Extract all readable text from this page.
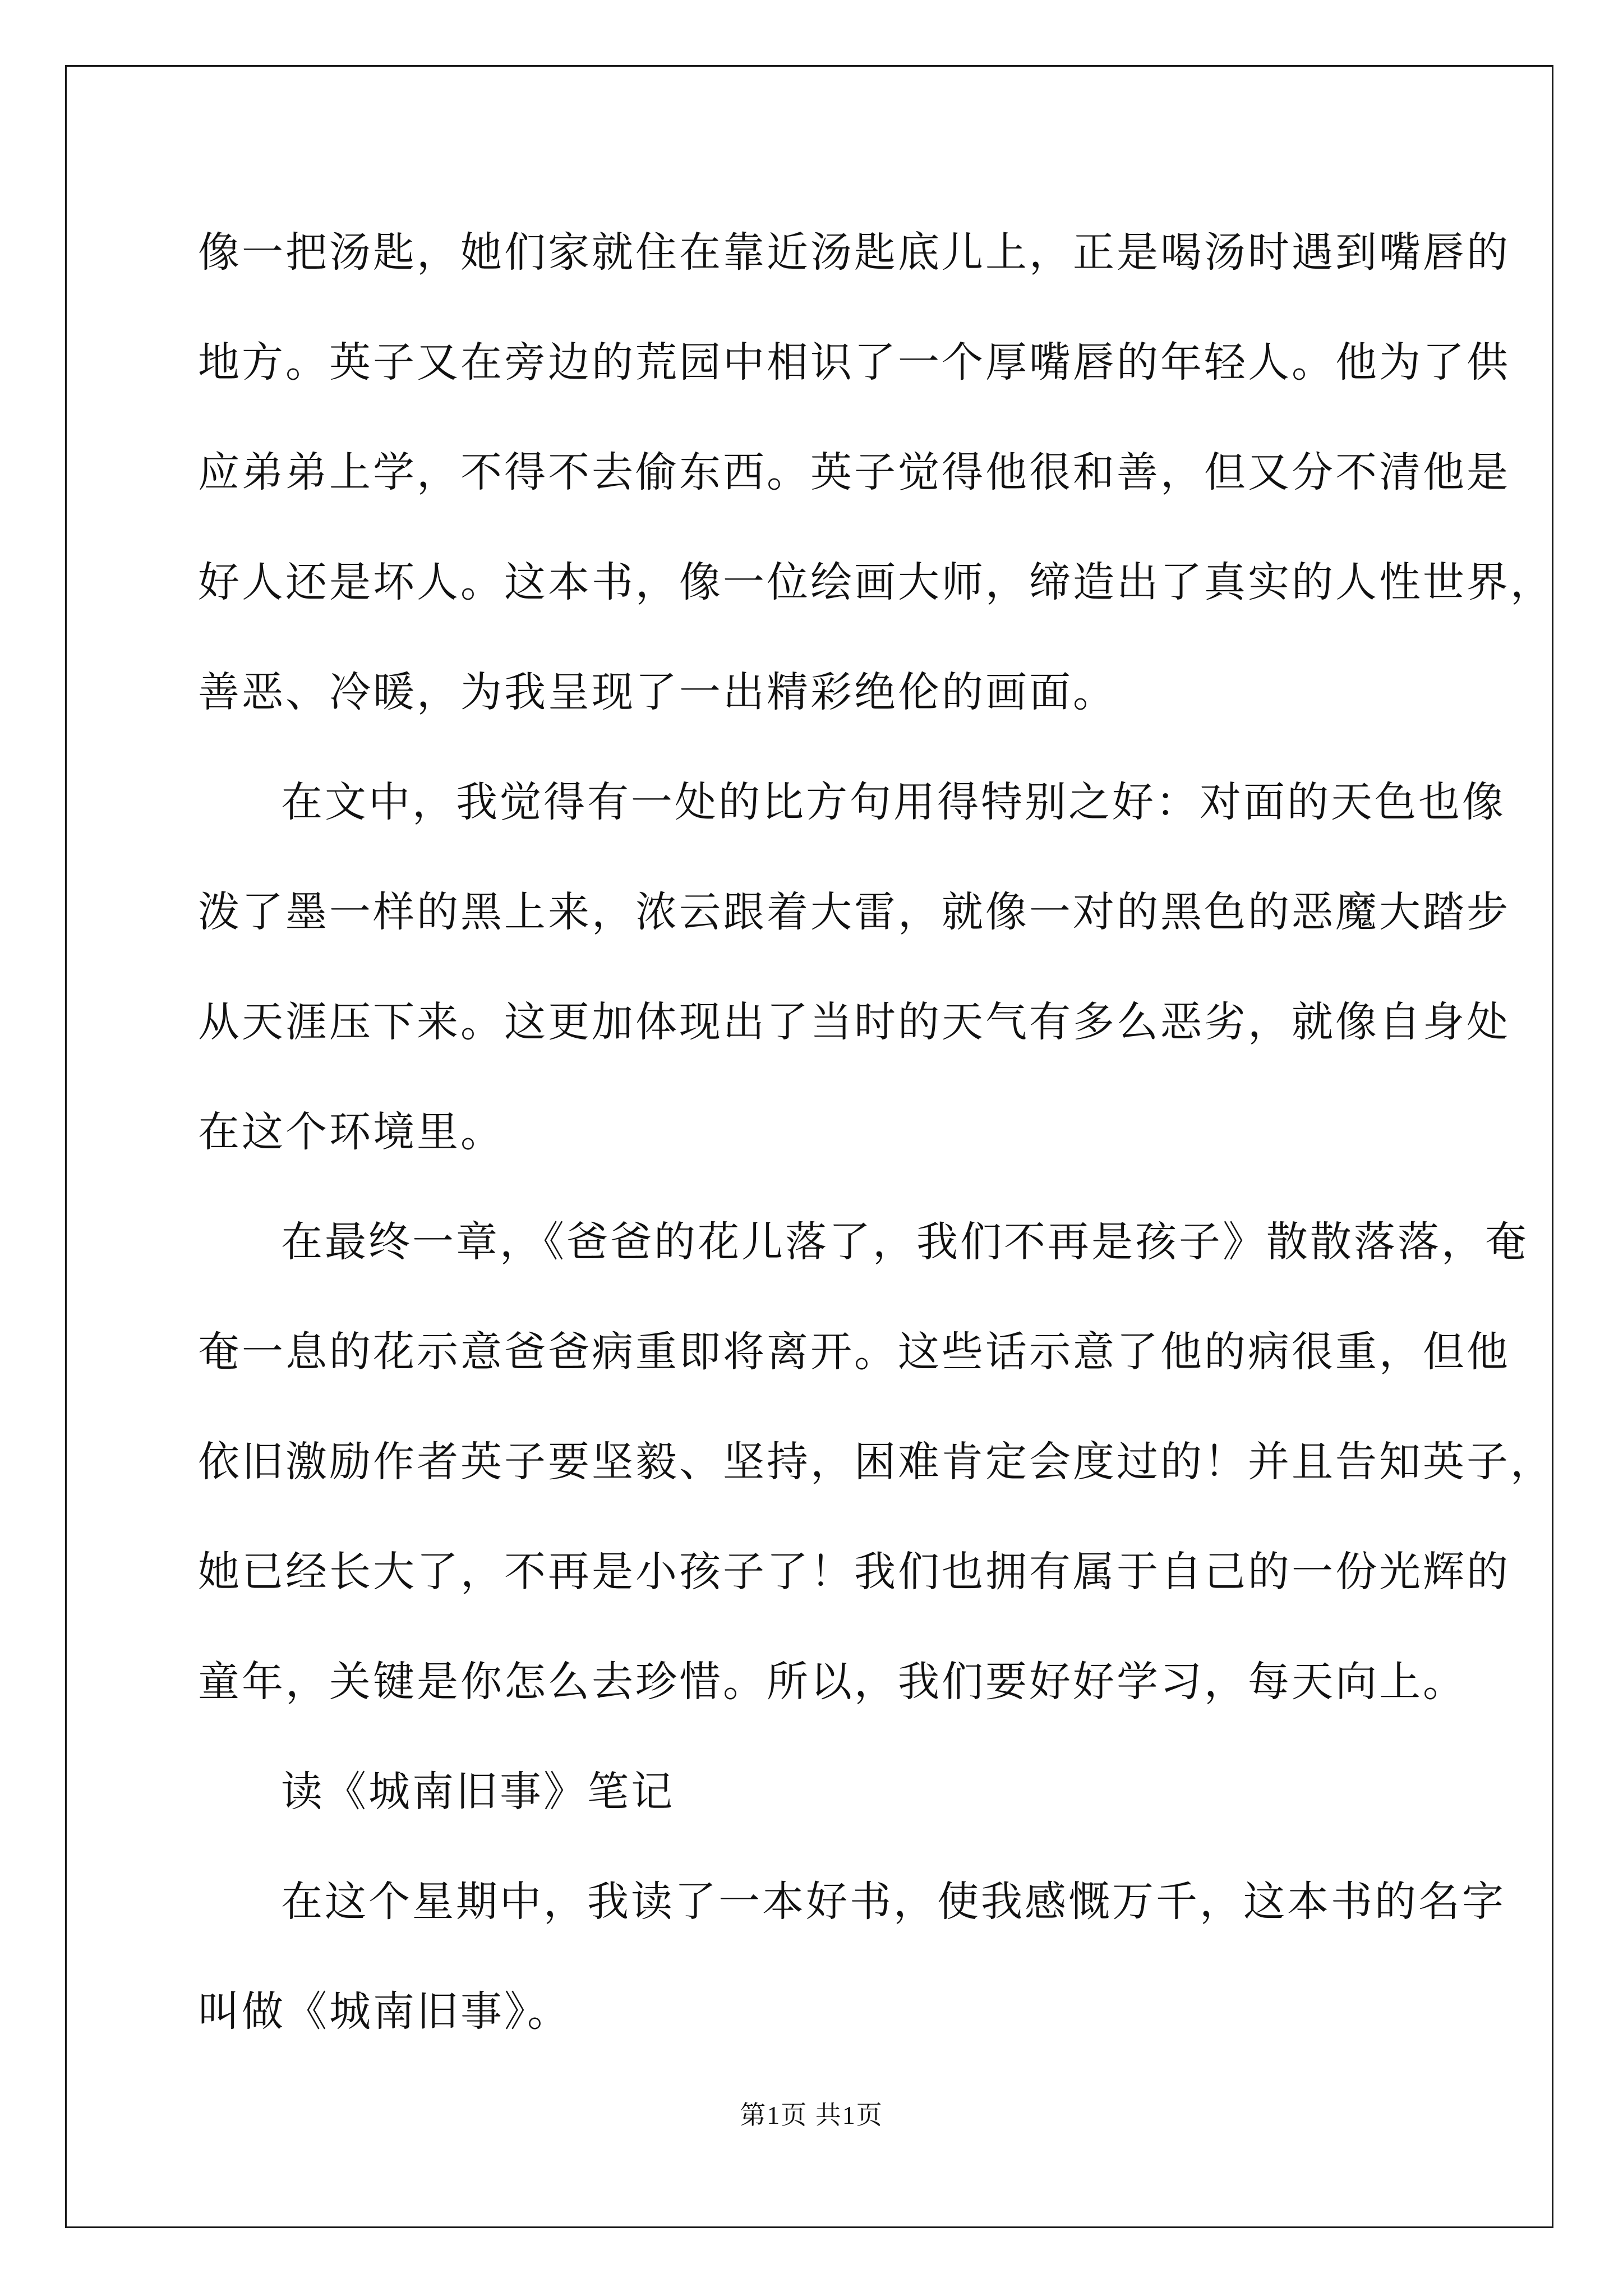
像一把汤匙，她们家就住在靠近汤匙底儿上，正是喝汤时遇到嘴唇的
地方。英子又在旁边的荒园中相识了一个厚嘴唇的年轻人。他为了供
应弟弟上学，不得不去偷东西。英子觉得他很和善，但又分不清他是
好人还是坏人。这本书，像一位绘画大师，缔造出了真实的人性世界，
善恶、冷暖，为我呈现了一出精彩绝伦的画面。

在文中，我觉得有一处的比方句用得特别之好：对面的天色也像
泼了墨一样的黑上来，浓云跟着大雷，就像一对的黑色的恶魔大踏步
从天涯压下来。这更加体现出了当时的天气有多么恶劣，就像自身处
在这个环境里。

在最终一章，《爸爸的花儿落了，我们不再是孩子》散散落落，奄
奄一息的花示意爸爸病重即将离开。这些话示意了他的病很重，但他
依旧激励作者英子要坚毅、坚持，困难肯定会度过的！并且告知英子，
她已经长大了，不再是小孩子了！我们也拥有属于自己的一份光辉的
童年，关键是你怎么去珍惜。所以，我们要好好学习，每天向上。

读《城南旧事》笔记

在这个星期中，我读了一本好书，使我感慨万千，这本书的名字
叫做《城南旧事》。

第1页 共1页
